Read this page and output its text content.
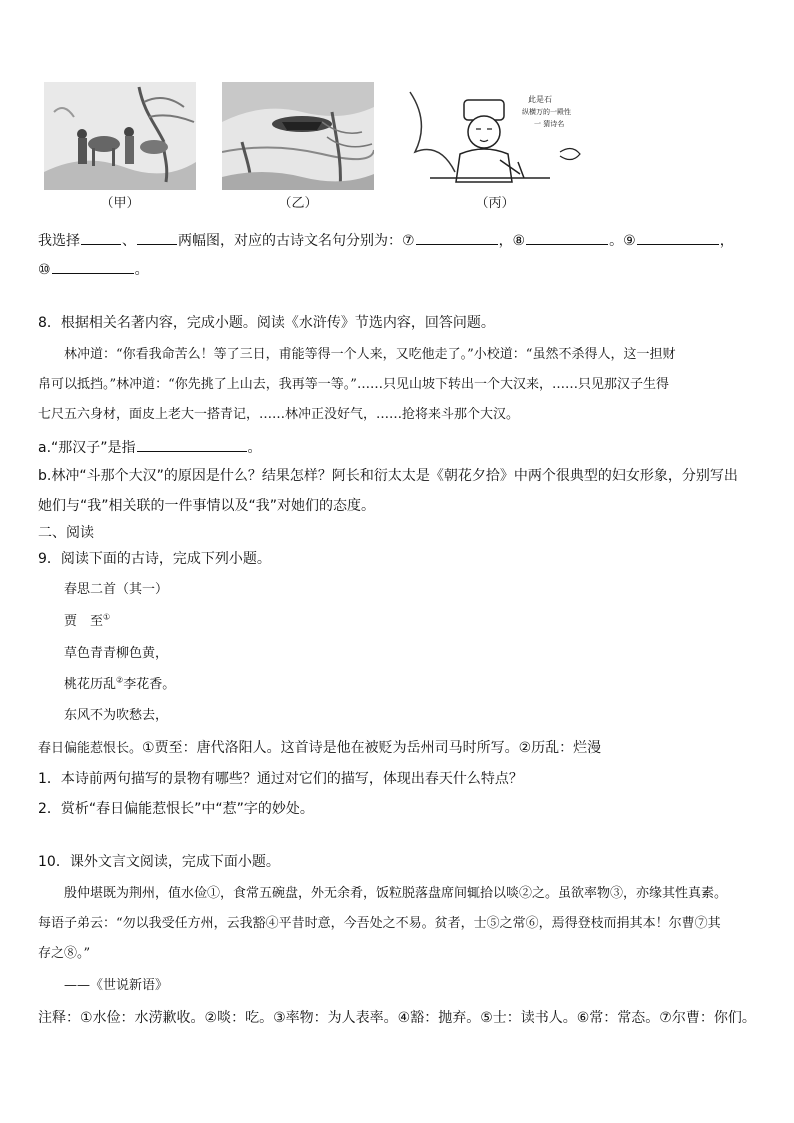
（甲）	（乙）
此是石
纵横万的一殿性
一 猜诗名
（丙）
我选择	、	两幅图，对应的古诗文名句分别为：⑦	，⑧	。⑨	，
⑩	。
8．根据相关名著内容，完成小题。阅读《水浒传》节选内容，回答问题。
林冲道：“你看我命苦么！等了三日，甫能等得一个人来，又吃他走了。”小校道：“虽然不杀得人，这一担财
帛可以抵挡。”林冲道：“你先挑了上山去，我再等一等。”……只见山坡下转出一个大汉来，……只见那汉子生得
七尺五六身材，面皮上老大一搭青记，……林冲正没好气，……抢将来斗那个大汉。
a.“那汉子”是指	。
b.林冲“斗那个大汉”的原因是什么？结果怎样？阿长和衍太太是《朝花夕拾》中两个很典型的妇女形象，分别写出
她们与“我”相关联的一件事情以及“我”对她们的态度。
二、阅读
9．阅读下面的古诗，完成下列小题。
春思二首（其一）
贾　至①
草色青青柳色黄，
桃花历乱②李花香。
东风不为吹愁去，
春日偏能惹恨长。①贾至：唐代洛阳人。这首诗是他在被贬为岳州司马时所写。②历乱：烂漫
1．本诗前两句描写的景物有哪些？通过对它们的描写，体现出春天什么特点？
2．赏析“春日偏能惹恨长”中“惹”字的妙处。
10．课外文言文阅读，完成下面小题。
殷仲堪既为荆州，值水俭①，食常五碗盘，外无余肴，饭粒脱落盘席间辄拾以啖②之。虽欲率物③，亦缘其性真素。
每语子弟云：“勿以我受任方州，云我豁④平昔时意，今吾处之不易。贫者，士⑤之常⑥，焉得登枝而捐其本！尔曹⑦其
存之⑧。”
——《世说新语》
注释：①水俭：水涝歉收。②啖：吃。③率物：为人表率。④豁：抛弃。⑤士：读书人。⑥常：常态。⑦尔曹：你们。
